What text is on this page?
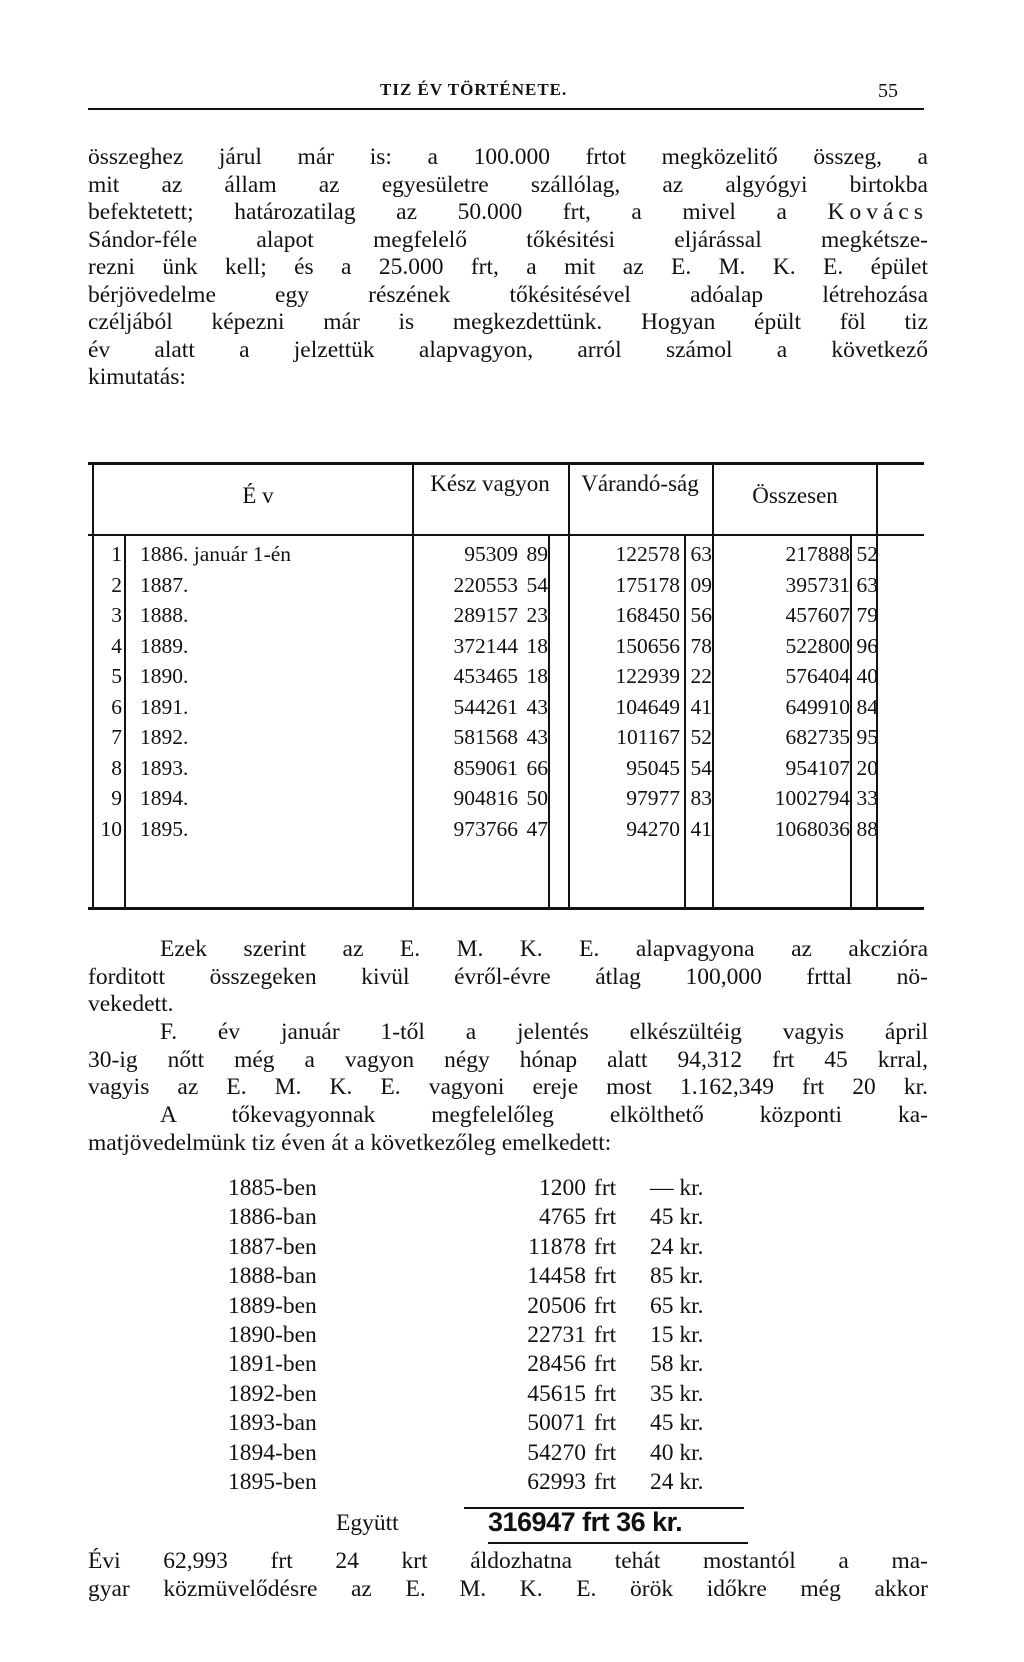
TIZ ÉV TÖRTÉNETE.	55
összeghez járul már is: a 100.000 frtot megközelitő összeg, a
mit az állam az egyesületre szállólag, az algyógyi birtokba
befektetett; határozatilag az 50.000 frt, a mivel a Kovács
Sándor-féle alapot megfelelő tőkésitési eljárással megkétsze-
rezni ünk kell; és a 25.000 frt, a mit az E. M. K. E. épület
bérjövedelme egy részének tőkésitésével adóalap létrehozása
czéljából képezni már is megkezdettünk. Hogyan épült föl tiz
év alatt a jelzettük alapvagyon, arról számol a következő
kimutatás:
É v	Kész vagyon	Várandó-ság	Összesen
1 1886. január 1-én	95309 89	122578 63	217888 52
2 1887.	220553 54	175178 09	395731 63
3 1888.	289157 23	168450 56	457607 79
4 1889.	372144 18	150656 78	522800 96
5 1890.	453465 18	122939 22	576404 40
6 1891.	544261 43	104649 41	649910 84
7 1892.	581568 43	101167 52	682735 95
8 1893.	859061 66	95045 54	954107 20
9 1894.	904816 50	97977 83	1002794 33
10 1895.	973766 47	94270 41	1068036 88
Ezek szerint az E. M. K. E. alapvagyona az akczióra
forditott összegeken kivül évről-évre átlag 100,000 frttal nö-
vekedett.
F. év január 1-től a jelentés elkészültéig vagyis ápril
30-ig nőtt még a vagyon négy hónap alatt 94,312 frt 45 krral,
vagyis az E. M. K. E. vagyoni ereje most 1.162,349 frt 20 kr.
A tőkevagyonnak megfelelőleg elkölthető központi ka-
matjövedelmünk tiz éven át a következőleg emelkedett:
1885-ben	1200 frt — kr.
1886-ban	4765 frt 45 kr.
1887-ben	11878 frt 24 kr.
1888-ban	14458 frt 85 kr.
1889-ben	20506 frt 65 kr.
1890-ben	22731 frt 15 kr.
1891-ben	28456 frt 58 kr.
1892-ben	45615 frt 35 kr.
1893-ban	50071 frt 45 kr.
1894-ben	54270 frt 40 kr.
1895-ben	62993 frt 24 kr.
Együtt	316947 frt 36 kr.
Évi 62,993 frt 24 krt áldozhatna tehát mostantól a ma-
gyar közmüvelődésre az E. M. K. E. örök időkre még akkor
